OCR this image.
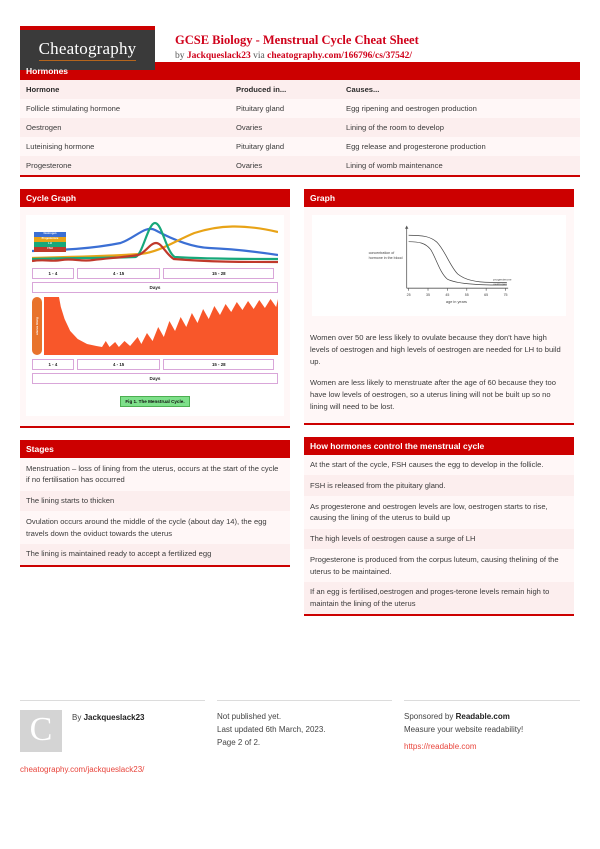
Cheatography	GCSE Biology - Menstrual Cycle Cheat Sheet
by Jackqueslack23 via cheatography.com/166796/cs/37542/
Hormones
Hormone	Produced in...	Causes...
Follicle stimulating hormone	Pituitary gland	Egg ripening and oestrogen production
Oestrogen	Ovaries	Lining of the room to develop
Luteinising hormone	Pituitary gland	Egg release and progesterone production
Progesterone	Ovaries	Lining of womb maintenance
Cycle Graph
Oestrogen
Progesterone
LH
FSH
1 - 4	4 - 15	15 - 28
Days
uterus lining
1 - 4	4 - 15	15 - 28
Days
Fig 1. The Menstrual Cycle.
Stages
Menstruation – loss of lining from the uterus, occurs at the start of the cycle if no fertilisation has occurred
The lining starts to thicken
Ovulation occurs around the middle of the cycle (about day 14), the egg travels down the oviduct towards the uterus
The lining is maintained ready to accept a fertilized egg
Graph
25	35	45	55	65	75
age in years
concentration of hormone in the blood
progesterone
oestrogen
Women over 50 are less likely to ovulate because they don't have high levels of oestrogen and high levels of oestrogen are needed for LH to build up.
Women are less likely to menstruate after the age of 60 because they too have low levels of oestrogen, so a uterus lining will not be built up so no lining will need to be lost.
How hormones control the menstrual cycle
At the start of the cycle, FSH causes the egg to develop in the follicle.
FSH is released from the pituitary gland.
As progesterone and oestrogen levels are low, oestrogen starts to rise, causing the lining of the uterus to build up
The high levels of oestrogen cause a surge of LH
Progesterone is produced from the corpus luteum, causing thelining of the uterus to be maintained.
If an egg is fertilised,oestrogen and proges-terone levels remain high to maintain the lining of the uterus
C	By Jackqueslack23
cheatography.com/jackqueslack23/
Not published yet.
Last updated 6th March, 2023.
Page 2 of 2.
Sponsored by Readable.com
Measure your website readability!
https://readable.com
